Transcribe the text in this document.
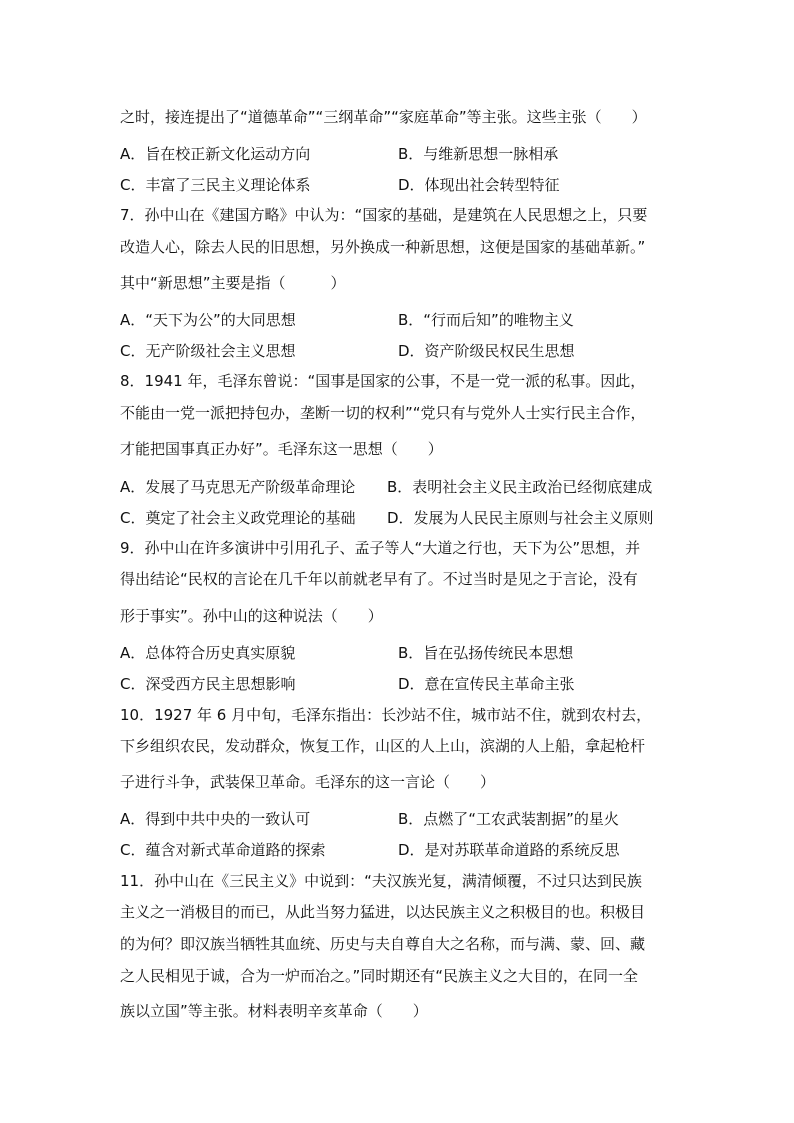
之时，接连提出了“道德革命”“三纲革命”“家庭革命”等主张。这些主张（　　）
A．旨在校正新文化运动方向	B．与维新思想一脉相承
C．丰富了三民主义理论体系	D．体现出社会转型特征
7．孙中山在《建国方略》中认为：“国家的基础，是建筑在人民思想之上，只要
改造人心，除去人民的旧思想，另外换成一种新思想，这便是国家的基础革新。”
其中“新思想”主要是指（　　　）
A．“天下为公”的大同思想	B．“行而后知”的唯物主义
C．无产阶级社会主义思想	D．资产阶级民权民生思想
8．1941 年，毛泽东曾说：“国事是国家的公事，不是一党一派的私事。因此，
不能由一党一派把持包办，垄断一切的权利”“党只有与党外人士实行民主合作，
才能把国事真正办好”。毛泽东这一思想（　　）
A．发展了马克思无产阶级革命理论 B．表明社会主义民主政治已经彻底建成
C．奠定了社会主义政党理论的基础 D．发展为人民民主原则与社会主义原则
9．孙中山在许多演讲中引用孔子、孟子等人“大道之行也，天下为公”思想，并
得出结论“民权的言论在几千年以前就老早有了。不过当时是见之于言论，没有
形于事实”。孙中山的这种说法（　　）
A．总体符合历史真实原貌	B．旨在弘扬传统民本思想
C．深受西方民主思想影响	D．意在宣传民主革命主张
10．1927 年 6 月中旬，毛泽东指出：长沙站不住，城市站不住，就到农村去，
下乡组织农民，发动群众，恢复工作，山区的人上山，滨湖的人上船，拿起枪杆
子进行斗争，武装保卫革命。毛泽东的这一言论（　　）
A．得到中共中央的一致认可	B．点燃了“工农武装割据”的星火
C．蕴含对新式革命道路的探索	D．是对苏联革命道路的系统反思
11．孙中山在《三民主义》中说到：“夫汉族光复，满清倾覆，不过只达到民族
主义之一消极目的而已，从此当努力猛进，以达民族主义之积极目的也。积极目
的为何？即汉族当牺牲其血统、历史与夫自尊自大之名称，而与满、蒙、回、藏
之人民相见于诚，合为一炉而冶之。”同时期还有“民族主义之大目的，在同一全
族以立国”等主张。材料表明辛亥革命（　　）
